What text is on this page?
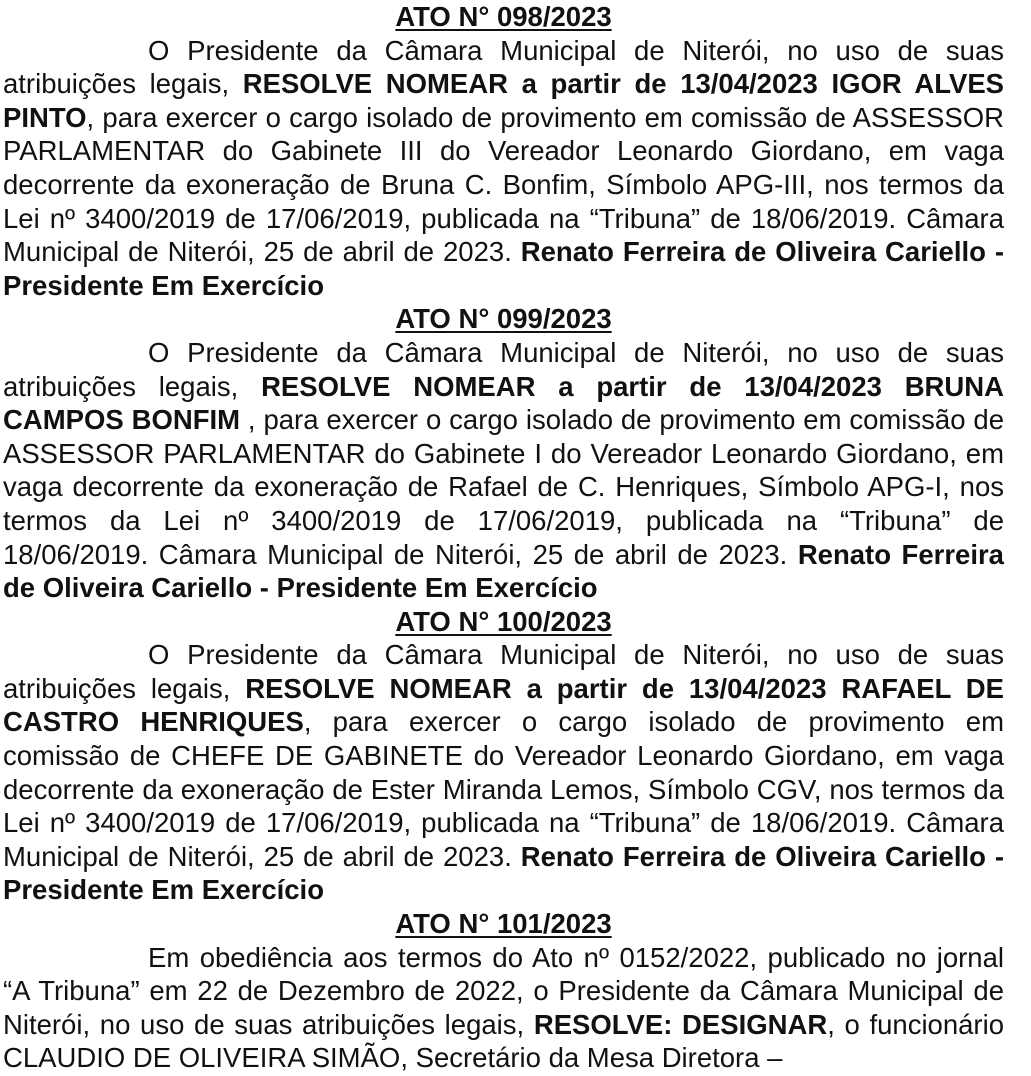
ATO N° 098/2023

O Presidente da Câmara Municipal de Niterói, no uso de suas atribuições legais, RESOLVE NOMEAR a partir de 13/04/2023 IGOR ALVES PINTO, para exercer o cargo isolado de provimento em comissão de ASSESSOR PARLAMENTAR do Gabinete III do Vereador Leonardo Giordano, em vaga decorrente da exoneração de Bruna C. Bonfim, Símbolo APG-III, nos termos da Lei nº 3400/2019 de 17/06/2019, publicada na “Tribuna” de 18/06/2019. Câmara Municipal de Niterói, 25 de abril de 2023. Renato Ferreira de Oliveira Cariello - Presidente Em Exercício

ATO N° 099/2023

O Presidente da Câmara Municipal de Niterói, no uso de suas atribuições legais, RESOLVE NOMEAR a partir de 13/04/2023 BRUNA CAMPOS BONFIM , para exercer o cargo isolado de provimento em comissão de ASSESSOR PARLAMENTAR do Gabinete I do Vereador Leonardo Giordano, em vaga decorrente da exoneração de Rafael de C. Henriques, Símbolo APG-I, nos termos da Lei nº 3400/2019 de 17/06/2019, publicada na “Tribuna” de 18/06/2019. Câmara Municipal de Niterói, 25 de abril de 2023. Renato Ferreira de Oliveira Cariello - Presidente Em Exercício

ATO N° 100/2023

O Presidente da Câmara Municipal de Niterói, no uso de suas atribuições legais, RESOLVE NOMEAR a partir de 13/04/2023 RAFAEL DE CASTRO HENRIQUES, para exercer o cargo isolado de provimento em comissão de CHEFE DE GABINETE do Vereador Leonardo Giordano, em vaga decorrente da exoneração de Ester Miranda Lemos, Símbolo CGV, nos termos da Lei nº 3400/2019 de 17/06/2019, publicada na “Tribuna” de 18/06/2019. Câmara Municipal de Niterói, 25 de abril de 2023. Renato Ferreira de Oliveira Cariello - Presidente Em Exercício

ATO N° 101/2023

Em obediência aos termos do Ato nº 0152/2022, publicado no jornal “A Tribuna” em 22 de Dezembro de 2022, o Presidente da Câmara Municipal de Niterói, no uso de suas atribuições legais, RESOLVE: DESIGNAR, o funcionário CLAUDIO DE OLIVEIRA SIMÃO, Secretário da Mesa Diretora –
